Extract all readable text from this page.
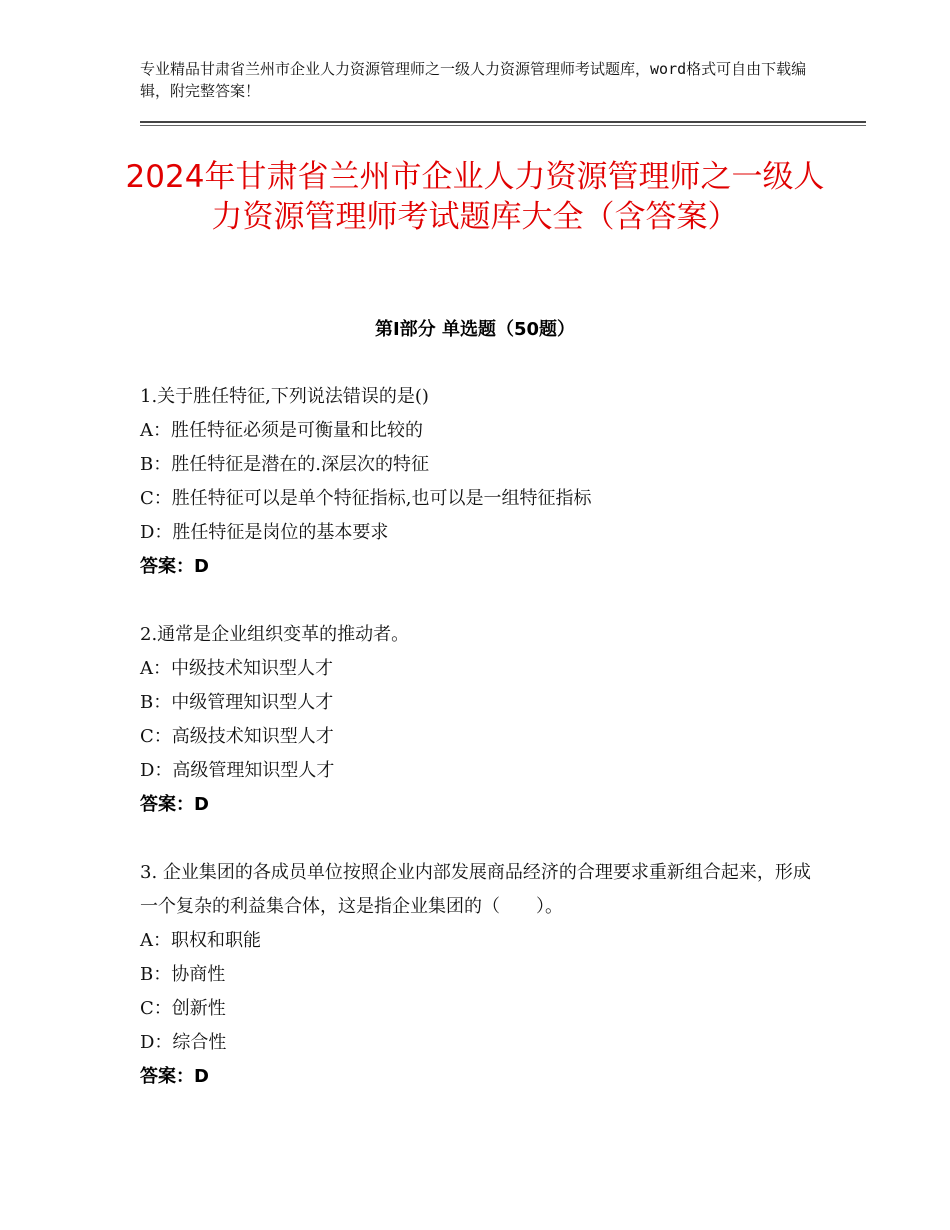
专业精品甘肃省兰州市企业人力资源管理师之一级人力资源管理师考试题库，word格式可自由下载编辑，附完整答案！
2024年甘肃省兰州市企业人力资源管理师之一级人力资源管理师考试题库大全（含答案）
第Ⅰ部分 单选题（50题）
1.关于胜任特征,下列说法错误的是()
A：胜任特征必须是可衡量和比较的
B：胜任特征是潜在的.深层次的特征
C：胜任特征可以是单个特征指标,也可以是一组特征指标
D：胜任特征是岗位的基本要求
答案：D
2.通常是企业组织变革的推动者。
A：中级技术知识型人才
B：中级管理知识型人才
C：高级技术知识型人才
D：高级管理知识型人才
答案：D
3. 企业集团的各成员单位按照企业内部发展商品经济的合理要求重新组合起来，形成一个复杂的利益集合体，这是指企业集团的（　　）。
A：职权和职能
B：协商性
C：创新性
D：综合性
答案：D
